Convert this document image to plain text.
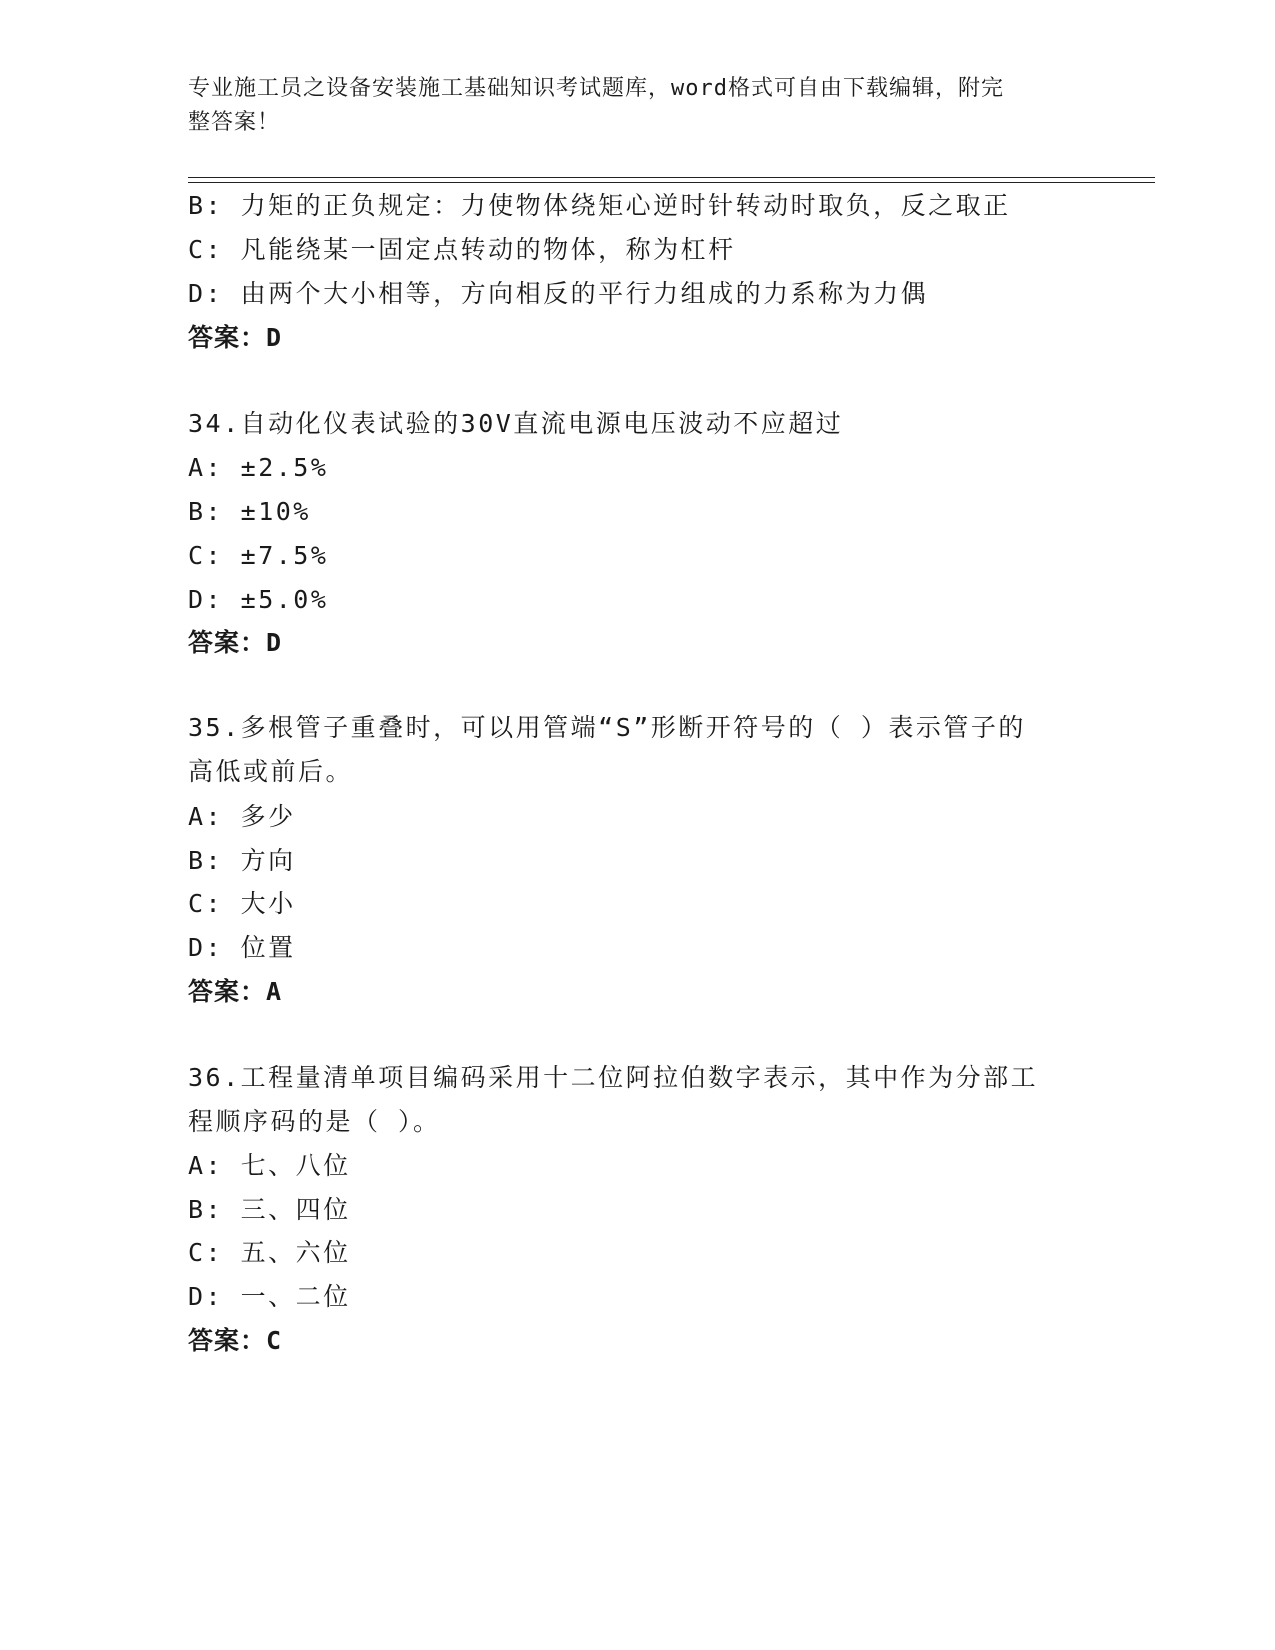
专业施工员之设备安装施工基础知识考试题库，word格式可自由下载编辑，附完
整答案！
B: 力矩的正负规定：力使物体绕矩心逆时针转动时取负，反之取正
C: 凡能绕某一固定点转动的物体，称为杠杆
D: 由两个大小相等，方向相反的平行力组成的力系称为力偶
答案：D
34.自动化仪表试验的30V直流电源电压波动不应超过
A: ±2.5%
B: ±10%
C: ±7.5%
D: ±5.0%
答案：D
35.多根管子重叠时，可以用管端“S”形断开符号的（ ）表示管子的
高低或前后。
A: 多少
B: 方向
C: 大小
D: 位置
答案：A
36.工程量清单项目编码采用十二位阿拉伯数字表示，其中作为分部工
程顺序码的是（ ）。
A: 七、八位
B: 三、四位
C: 五、六位
D: 一、二位
答案：C
